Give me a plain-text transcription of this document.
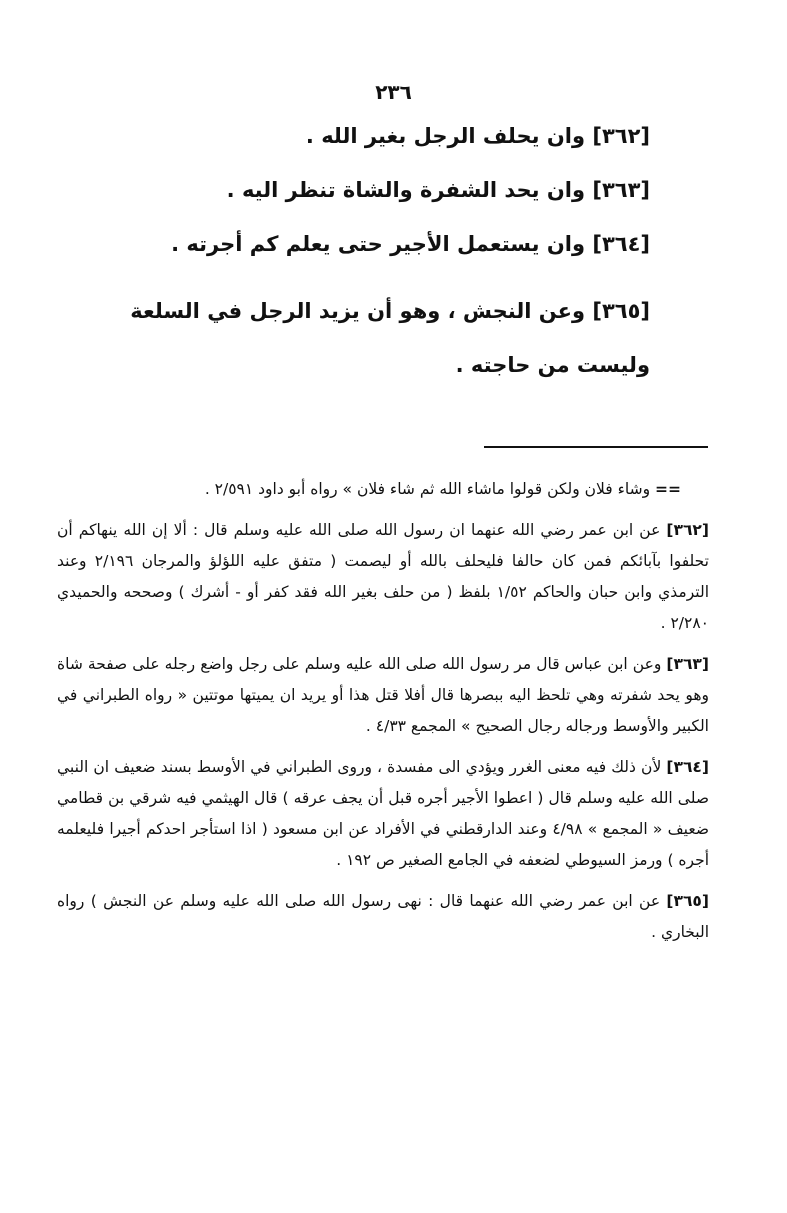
٢٣٦

[٣٦٢] وان يحلف الرجل بغير الله .

[٣٦٣] وان يحد الشفرة والشاة تنظر اليه .

[٣٦٤] وان يستعمل الأجير حتى يعلم كم أجرته .

[٣٦٥] وعن النجش ، وهو أن يزيد الرجل في السلعة وليست من حاجته .

== وشاء فلان ولكن قولوا ماشاء الله ثم شاء فلان » رواه أبو داود ٢/٥٩١ .
[٣٦٢] عن ابن عمر رضي الله عنهما ان رسول الله صلى الله عليه وسلم قال : ألا إن الله ينهاكم أن تحلفوا بآبائكم فمن كان حالفا فليحلف بالله أو ليصمت ( متفق عليه اللؤلؤ والمرجان ٢/١٩٦ وعند الترمذي وابن حبان والحاكم ١/٥٢ بلفظ ( من حلف بغير الله فقد كفر أو - أشرك ) وصححه والحميدي ٢/٢٨٠ .
[٣٦٣] وعن ابن عباس قال مر رسول الله صلى الله عليه وسلم على رجل واضع رجله على صفحة شاة وهو يحد شفرته وهي تلحظ اليه ببصرها قال أفلا قتل هذا أو يريد ان يميتها موتتين « رواه الطبراني في الكبير والأوسط ورجاله رجال الصحيح » المجمع ٤/٣٣ .
[٣٦٤] لأن ذلك فيه معنى الغرر ويؤدي الى مفسدة ، وروى الطبراني في الأوسط بسند ضعيف ان النبي صلى الله عليه وسلم قال ( اعطوا الأجير أجره قبل أن يجف عرقه ) قال الهيثمي فيه شرقي بن قطامي ضعيف « المجمع » ٤/٩٨ وعند الدارقطني في الأفراد عن ابن مسعود ( اذا استأجر احدكم أجيرا فليعلمه أجره ) ورمز السيوطي لضعفه في الجامع الصغير ص ١٩٢ .
[٣٦٥] عن ابن عمر رضي الله عنهما قال : نهى رسول الله صلى الله عليه وسلم عن النجش ) رواه البخاري .
